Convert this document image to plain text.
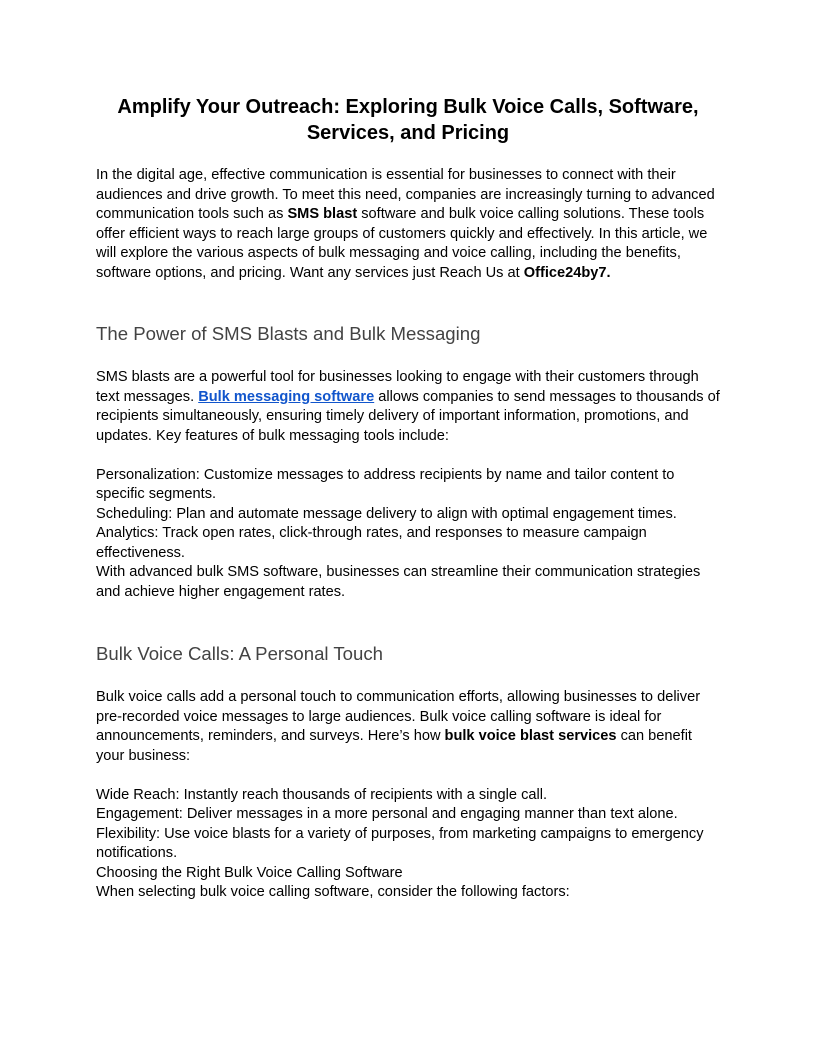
Amplify Your Outreach: Exploring Bulk Voice Calls, Software, Services, and Pricing

In the digital age, effective communication is essential for businesses to connect with their audiences and drive growth. To meet this need, companies are increasingly turning to advanced communication tools such as SMS blast software and bulk voice calling solutions. These tools offer efficient ways to reach large groups of customers quickly and effectively. In this article, we will explore the various aspects of bulk messaging and voice calling, including the benefits, software options, and pricing. Want any services just Reach Us at Office24by7.

The Power of SMS Blasts and Bulk Messaging

SMS blasts are a powerful tool for businesses looking to engage with their customers through text messages. Bulk messaging software allows companies to send messages to thousands of recipients simultaneously, ensuring timely delivery of important information, promotions, and updates. Key features of bulk messaging tools include:

Personalization: Customize messages to address recipients by name and tailor content to specific segments.

Scheduling: Plan and automate message delivery to align with optimal engagement times.

Analytics: Track open rates, click-through rates, and responses to measure campaign effectiveness.

With advanced bulk SMS software, businesses can streamline their communication strategies and achieve higher engagement rates.

Bulk Voice Calls: A Personal Touch

Bulk voice calls add a personal touch to communication efforts, allowing businesses to deliver pre-recorded voice messages to large audiences. Bulk voice calling software is ideal for announcements, reminders, and surveys. Here’s how bulk voice blast services can benefit your business:

Wide Reach: Instantly reach thousands of recipients with a single call.

Engagement: Deliver messages in a more personal and engaging manner than text alone.

Flexibility: Use voice blasts for a variety of purposes, from marketing campaigns to emergency notifications.

Choosing the Right Bulk Voice Calling Software

When selecting bulk voice calling software, consider the following factors:
